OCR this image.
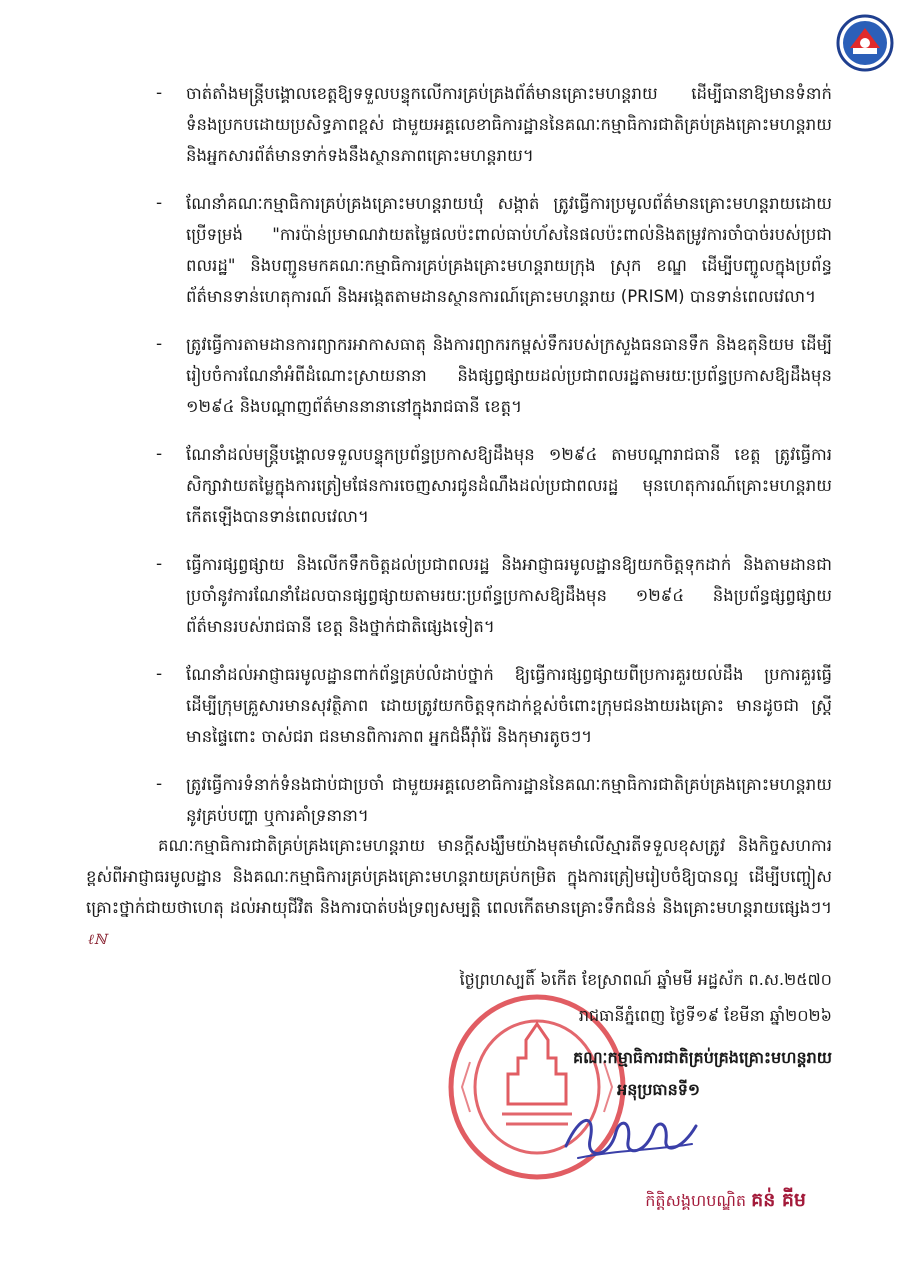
- ចាត់តាំងមន្ត្រីបង្គោលខេត្តឱ្យទទួលបន្ទុកលើការគ្រប់គ្រងព័ត៌មានគ្រោះមហន្តរាយ ដើម្បីធានាឱ្យមានទំនាក់ទំនងប្រកបដោយប្រសិទ្ធភាពខ្ពស់ ជាមួយអគ្គលេខាធិការដ្ឋាននៃគណៈកម្មាធិការជាតិគ្រប់គ្រងគ្រោះមហន្តរាយ និងអ្នកសារព័ត៌មានទាក់ទងនឹងស្ថានភាពគ្រោះមហន្តរាយ។
- ណែនាំគណៈកម្មាធិការគ្រប់គ្រងគ្រោះមហន្តរាយឃុំ សង្កាត់ ត្រូវធ្វើការប្រមូលព័ត៌មានគ្រោះមហន្តរាយដោយប្រើទម្រង់ "ការប៉ាន់ប្រមាណវាយតម្លៃផលប៉ះពាល់ធាប់ហ័សនៃផលប៉ះពាល់និងតម្រូវការចាំបាច់របស់ប្រជាពលរដ្ឋ" និងបញ្ជូនមកគណៈកម្មាធិការគ្រប់គ្រងគ្រោះមហន្តរាយក្រុង ស្រុក ខណ្ឌ ដើម្បីបញ្ចូលក្នុងប្រព័ន្ធព័ត៌មានទាន់ហេតុការណ៍ និងអង្កេតតាមដានស្ថានការណ៍គ្រោះមហន្តរាយ (PRISM) បានទាន់ពេលវេលា។
- ត្រូវធ្វើការតាមដានការព្យាករអាកាសធាតុ និងការព្យាករកម្ពស់ទឹករបស់ក្រសួងធនធានទឹក និងឧតុនិយម ដើម្បីរៀបចំការណែនាំអំពីដំណោះស្រាយនានា និងផ្សព្វផ្សាយដល់ប្រជាពលរដ្ឋតាមរយៈប្រព័ន្ធប្រកាសឱ្យដឹងមុន ១២៩៤ និងបណ្តាញព័ត៌មាននានានៅក្នុងរាជធានី ខេត្ត។
- ណែនាំដល់មន្ត្រីបង្គោលទទួលបន្ទុកប្រព័ន្ធប្រកាសឱ្យដឹងមុន ១២៩៤ តាមបណ្តារាជធានី ខេត្ត ត្រូវធ្វើការសិក្សាវាយតម្លៃក្នុងការត្រៀមផែនការចេញសារជូនដំណឹងដល់ប្រជាពលរដ្ឋ មុនហេតុការណ៍គ្រោះមហន្តរាយកើតឡើងបានទាន់ពេលវេលា។
- ធ្វើការផ្សព្វផ្សាយ និងលើកទឹកចិត្តដល់ប្រជាពលរដ្ឋ និងអាជ្ញាធរមូលដ្ឋានឱ្យយកចិត្តទុកដាក់ និងតាមដានជាប្រចាំនូវការណែនាំដែលបានផ្សព្វផ្សាយតាមរយៈប្រព័ន្ធប្រកាសឱ្យដឹងមុន ១២៩៤ និងប្រព័ន្ធផ្សព្វផ្សាយព័ត៌មានរបស់រាជធានី ខេត្ត និងថ្នាក់ជាតិផ្សេងទៀត។
- ណែនាំដល់អាជ្ញាធរមូលដ្ឋានពាក់ព័ន្ធគ្រប់លំដាប់ថ្នាក់ ឱ្យធ្វើការផ្សព្វផ្សាយពីប្រការគួរយល់ដឹង ប្រការគួរធ្វើ ដើម្បីក្រុមគ្រួសារមានសុវត្ថិភាព ដោយត្រូវយកចិត្តទុកដាក់ខ្ពស់ចំពោះក្រុមជនងាយរងគ្រោះ មានដូចជា ស្ត្រីមានផ្ទៃពោះ ចាស់ជរា ជនមានពិការភាព អ្នកជំងឺរ៉ាំរ៉ៃ និងកុមារតូចៗ។
- ត្រូវធ្វើការទំនាក់ទំនងជាប់ជាប្រចាំ ជាមួយអគ្គលេខាធិការដ្ឋាននៃគណៈកម្មាធិការជាតិគ្រប់គ្រងគ្រោះមហន្តរាយ នូវគ្រប់បញ្ហា ឬការគាំទ្រនានា។

គណៈកម្មាធិការជាតិគ្រប់គ្រងគ្រោះមហន្តរាយ មានក្តីសង្ឃឹមយ៉ាងមុតមាំលើស្មារតីទទួលខុសត្រូវ និងកិច្ចសហការខ្ពស់ពីអាជ្ញាធរមូលដ្ឋាន និងគណៈកម្មាធិការគ្រប់គ្រងគ្រោះមហន្តរាយគ្រប់កម្រិត ក្នុងការត្រៀមរៀបចំឱ្យបានល្អ ដើម្បីបញ្ចៀសគ្រោះថ្នាក់ជាយថាហេតុ ដល់អាយុជីវិត និងការបាត់បង់ទ្រព្យសម្បត្តិ ពេលកើតមានគ្រោះទឹកជំនន់ និងគ្រោះមហន្តរាយផ្សេងៗ។ℓℕ

ថ្ងៃ​ព្រហស្បតិ៍ ៦កើត ខែស្រាពណ៍ ឆ្នាំមមី អដ្ឋស័ក ព.ស.២៥៧០

រាជធានីភ្នំពេញ ថ្ងៃទី១៩ ខែមីនា ឆ្នាំ២០២៦

គណៈកម្មាធិការជាតិគ្រប់គ្រងគ្រោះមហន្តរាយ

អនុប្រធានទី១

កិត្តិសង្គហបណ្ឌិត គន់ គីម
